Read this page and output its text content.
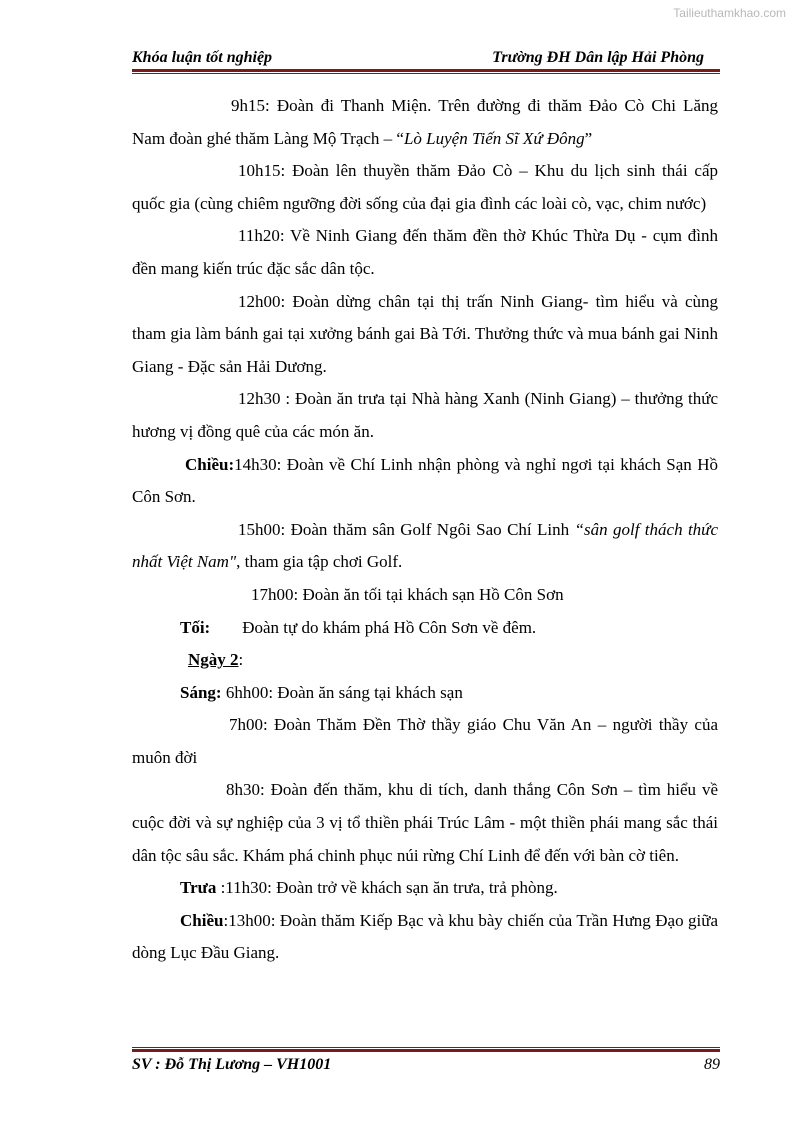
Tailieuthamkhao.com
Khóa luận tốt nghiệp	Trường ĐH Dân lập Hải Phòng

9h15: Đoàn đi Thanh Miện. Trên đường đi thăm Đảo Cò Chi Lăng Nam đoàn ghé thăm Làng Mộ Trạch – “Lò Luyện Tiến Sĩ Xứ Đông”

10h15: Đoàn lên thuyền thăm Đảo Cò – Khu du lịch sinh thái cấp quốc gia (cùng chiêm ngưỡng đời sống của đại gia đình các loài cò, vạc, chim nước)

11h20: Về Ninh Giang đến thăm đền thờ Khúc Thừa Dụ - cụm đình đền mang kiến trúc đặc sắc dân tộc.

12h00: Đoàn dừng chân tại thị trấn Ninh Giang- tìm hiểu và cùng tham gia làm bánh gai tại xưởng bánh gai Bà Tới. Thưởng thức và mua bánh gai Ninh Giang - Đặc sản Hải Dương.

12h30 : Đoàn ăn trưa tại Nhà hàng Xanh (Ninh Giang) – thưởng thức hương vị đồng quê của các món ăn.

Chiều:14h30: Đoàn về Chí Linh nhận phòng và nghỉ ngơi tại khách Sạn Hồ Côn Sơn.

15h00: Đoàn thăm sân Golf Ngôi Sao Chí Linh “sân golf thách thức nhất Việt Nam", tham gia tập chơi Golf.

17h00: Đoàn ăn tối tại khách sạn Hồ Côn Sơn

Tối: Đoàn tự do khám phá Hồ Côn Sơn về đêm.

Ngày 2:

Sáng: 6hh00: Đoàn ăn sáng tại khách sạn

7h00: Đoàn Thăm Đền Thờ thầy giáo Chu Văn An – người thầy của muôn đời

8h30: Đoàn đến thăm, khu di tích, danh thắng Côn Sơn – tìm hiểu về cuộc đời và sự nghiệp của 3 vị tổ thiền phái Trúc Lâm - một thiền phái mang sắc thái dân tộc sâu sắc. Khám phá chinh phục núi rừng Chí Linh để đến với bàn cờ tiên.

Trưa :11h30: Đoàn trở về khách sạn ăn trưa, trả phòng.

Chiều:13h00: Đoàn thăm Kiếp Bạc và khu bày chiến của Trần Hưng Đạo giữa dòng Lục Đầu Giang.

SV : Đỗ Thị Lương – VH1001	89
